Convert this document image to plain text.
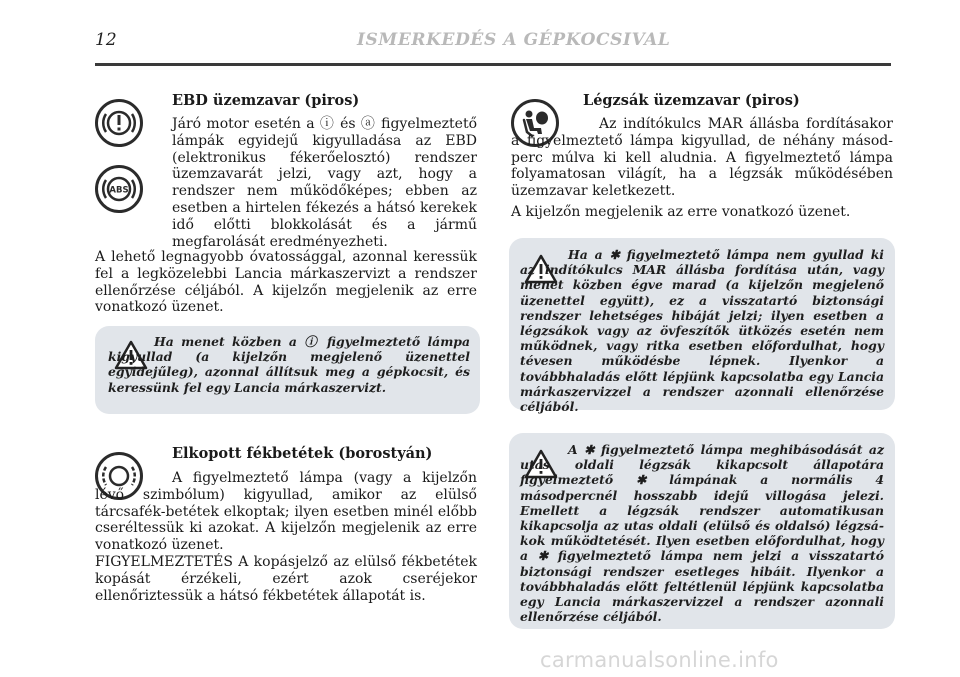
12	ISMERKEDÉS A GÉPKOCSIVAL
ABS
EBD üzemzavar (piros)
Járó motor esetén a ⓘ és ⓐ figyelmeztető lámpák egyidejű kigyulladása az EBD (elektronikus fékerőelosztó) rendszer üzemzavarát jelzi, vagy azt, hogy a rendszer nem működőképes; ebben az esetben a hirtelen fékezés a hátsó kerekek idő előtti blokkolását és a jármű megfarolását eredményezheti.
A lehető legnagyobb óvatossággal, azonnal keressük fel a legközelebbi Lancia márkaszervizt a rendszer ellenőrzése céljából. A kijelzőn megjelenik az erre vonatkozó üzenet.
Ha menet közben a ⓘ figyelmeztető lámpa kigyullad (a kijelzőn megjelenő üzenettel egyidejűleg), azonnal állítsuk meg a gépkocsit, és keressünk fel egy Lancia márkaszervizt.
Elkopott fékbetétek (borostyán)
A figyelmeztető lámpa (vagy a kijelzőn lévő szimbólum) kigyullad, amikor az elülső tárcsafék-betétek elkoptak; ilyen esetben minél előbb cseréltessük ki azokat. A kijelzőn megjelenik az erre vonatkozó üzenet.
FIGYELMEZTETÉS A kopásjelző az elülső fékbetétek kopását érzékeli, ezért azok cseréjekor ellenőriztessük a hátsó fékbetétek állapotát is.
Légzsák üzemzavar (piros)
Az indítókulcs MAR állásba fordításakor a figyelmeztető lámpa kigyullad, de néhány másodperc múlva ki kell aludnia. A figyelmeztető lámpa folyamatosan világít, ha a légzsák működésében üzemzavar keletkezett.
A kijelzőn megjelenik az erre vonatkozó üzenet.
Ha a ✱ figyelmeztető lámpa nem gyullad ki az indítókulcs MAR állásba fordítása után, vagy menet közben égve marad (a kijelzőn megjelenő üzenettel együtt), ez a visszatartó biztonsági rendszer lehetséges hibáját jelzi; ilyen esetben a légzsákok vagy az övfeszítők ütközés esetén nem működnek, vagy ritka esetben előfordulhat, hogy tévesen működésbe lépnek. Ilyenkor a továbbhaladás előtt lépjünk kapcsolatba egy Lancia márkaszervizzel a rendszer azonnali ellenőrzése céljából.
A ✱ figyelmeztető lámpa meghibásodását az utas oldali légzsák kikapcsolt állapotára figyelmeztető ✱ lámpának a normális 4 másodpercnél hosszabb idejű villogása jelezi. Emellett a légzsák rendszer automatikusan kikapcsolja az utas oldali (elülső és oldalsó) légzsákok működtetését. Ilyen esetben előfordulhat, hogy a ✱ figyelmeztető lámpa nem jelzi a visszatartó biztonsági rendszer esetleges hibáit. Ilyenkor a továbbhaladás előtt feltétlenül lépjünk kapcsolatba egy Lancia márkaszervizzel a rendszer azonnali ellenőrzése céljából.
carmanualsonline.info
